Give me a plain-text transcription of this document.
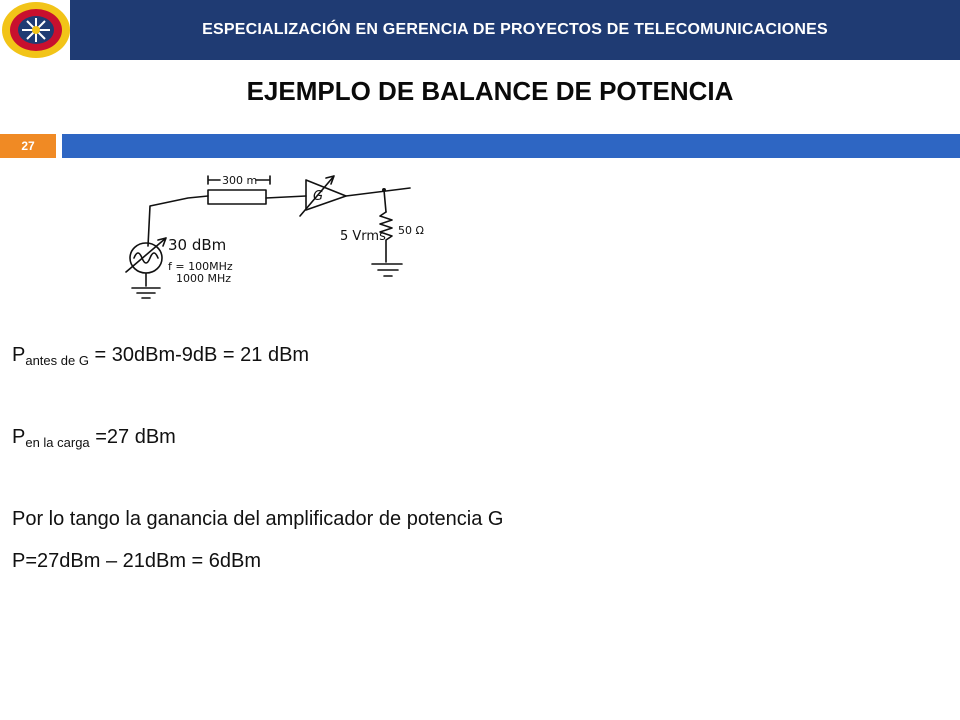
ESPECIALIZACIÓN EN GERENCIA DE PROYECTOS DE TELECOMUNICACIONES
EJEMPLO DE BALANCE DE POTENCIA
27
300 m
G
30 dBm
f = 100MHz
1000 MHz
5 Vrms 50 Ω
$P_{antes de G} = 30dBm-9dB = 21$ dBm
$P_{en la carga} =27$ dBm
Por lo tango la ganancia del amplificador de potencia G
P=27dBm – 21dBm = 6dBm
